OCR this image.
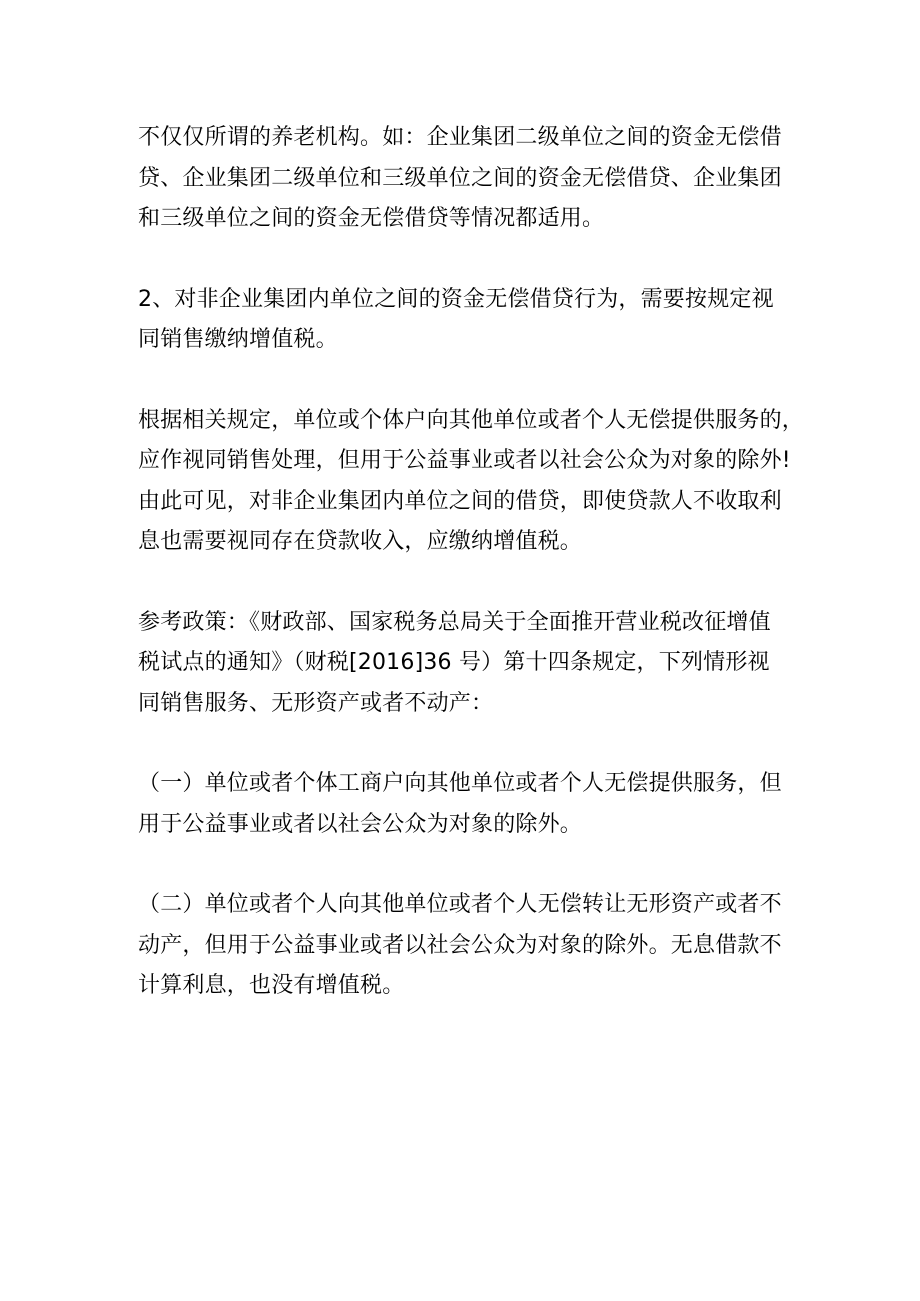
不仅仅所谓的养老机构。如：企业集团二级单位之间的资金无偿借
贷、企业集团二级单位和三级单位之间的资金无偿借贷、企业集团
和三级单位之间的资金无偿借贷等情况都适用。

2、对非企业集团内单位之间的资金无偿借贷行为，需要按规定视
同销售缴纳增值税。

根据相关规定，单位或个体户向其他单位或者个人无偿提供服务的，
应作视同销售处理，但用于公益事业或者以社会公众为对象的除外!
由此可见，对非企业集团内单位之间的借贷，即使贷款人不收取利
息也需要视同存在贷款收入，应缴纳增值税。

参考政策：《财政部、国家税务总局关于全面推开营业税改征增值
税试点的通知》（财税[2016]36 号）第十四条规定，下列情形视
同销售服务、无形资产或者不动产：

（一）单位或者个体工商户向其他单位或者个人无偿提供服务，但
用于公益事业或者以社会公众为对象的除外。

（二）单位或者个人向其他单位或者个人无偿转让无形资产或者不
动产，但用于公益事业或者以社会公众为对象的除外。无息借款不
计算利息，也没有增值税。
